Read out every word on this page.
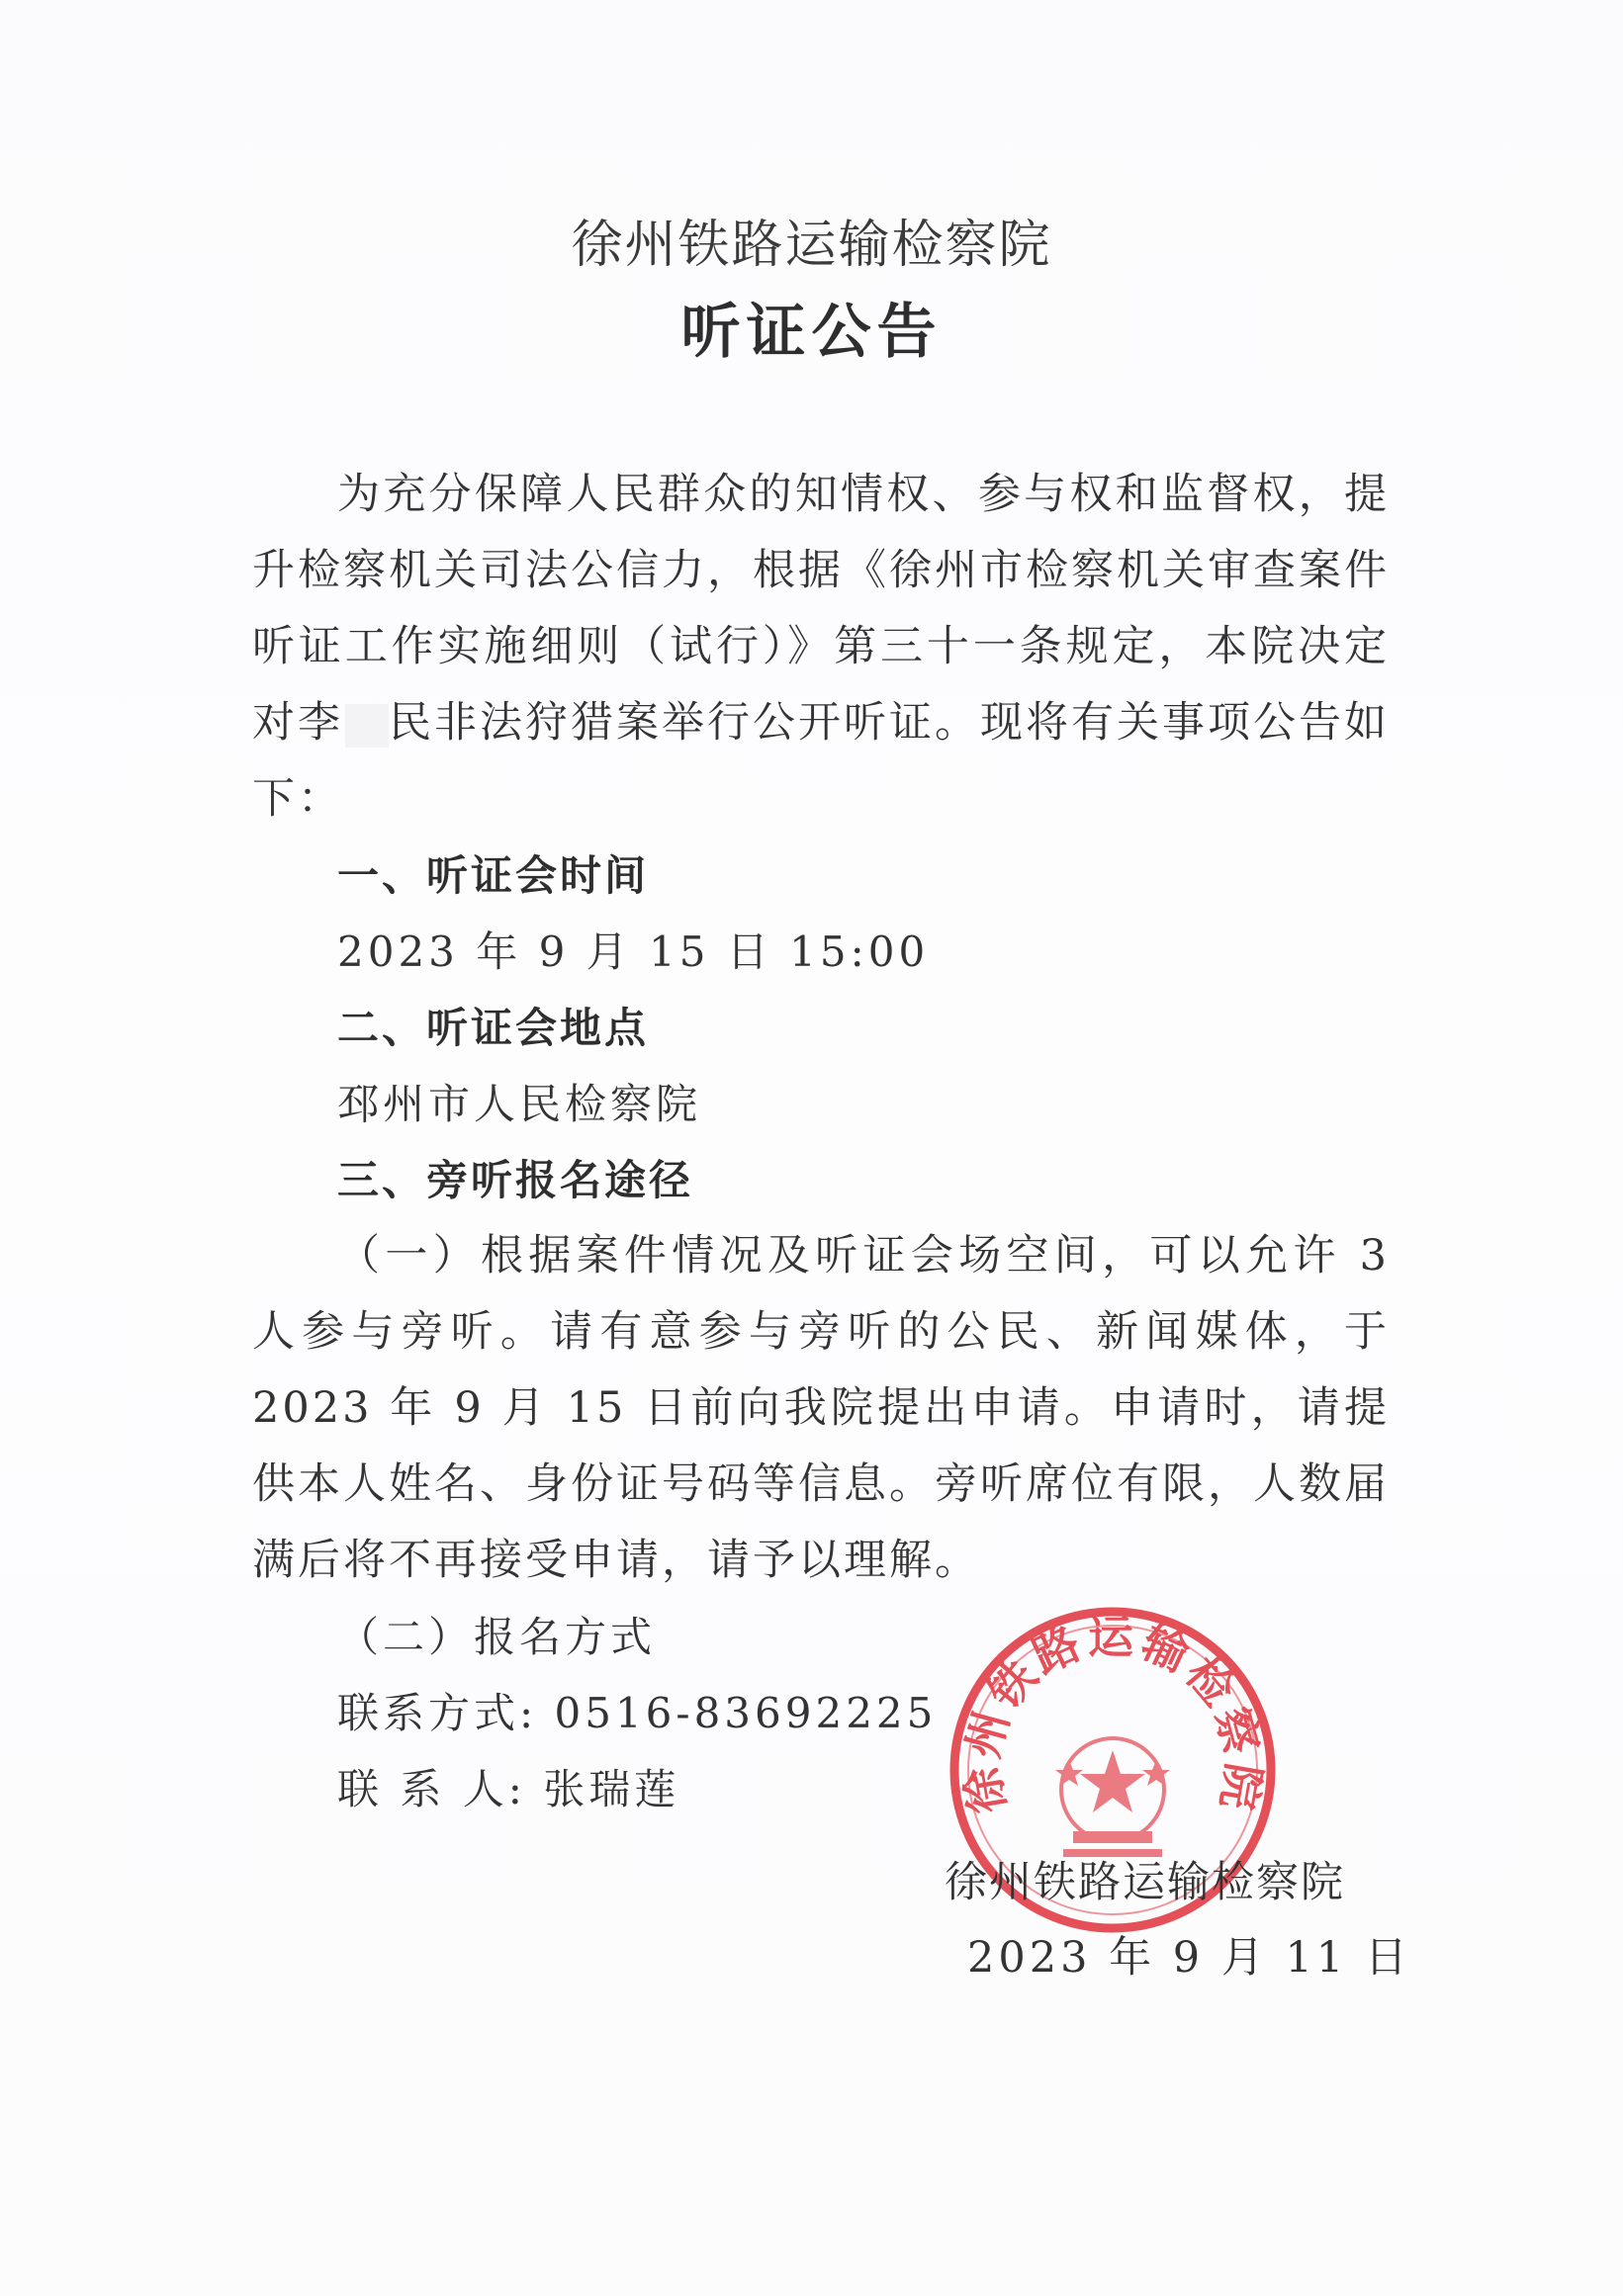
徐州铁路运输检察院
听证公告

为充分保障人民群众的知情权、参与权和监督权，提升检察机关司法公信力，根据《徐州市检察机关审查案件听证工作实施细则（试行）》第三十一条规定，本院决定对李 民非法狩猎案举行公开听证。现将有关事项公告如下：

一、听证会时间

2023 年 9 月 15 日 15:00

二、听证会地点

邳州市人民检察院

三、旁听报名途径

（一）根据案件情况及听证会场空间，可以允许 3 人参与旁听。请有意参与旁听的公民、新闻媒体，于 2023 年 9 月 15 日前向我院提出申请。申请时，请提供本人姓名、身份证号码等信息。旁听席位有限，人数届满后将不再接受申请，请予以理解。

（二）报名方式

联系方式: 0516-83692225

联 系 人: 张瑞莲	徐州铁路运输检察院
徐州铁路运输检察院
2023 年 9 月 11 日
